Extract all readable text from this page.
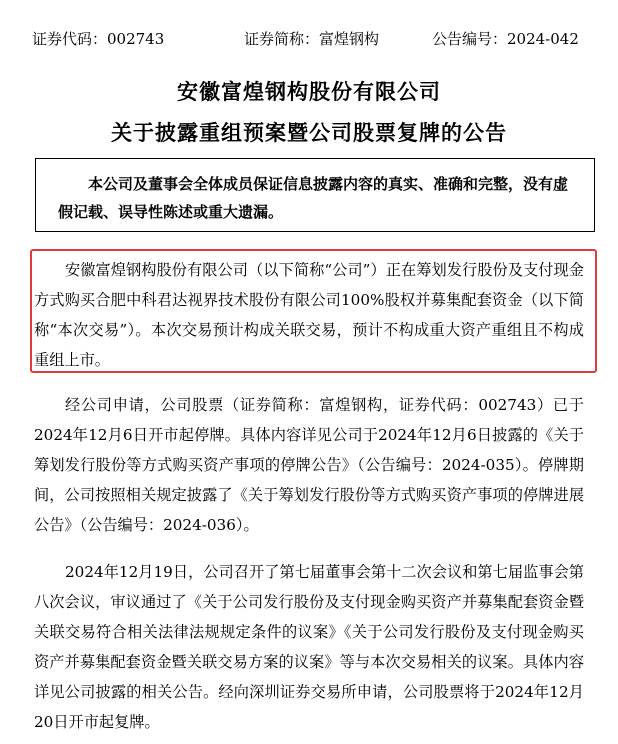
证券代码：002743	证券简称：富煌钢构	公告编号：2024-042
安徽富煌钢构股份有限公司
关于披露重组预案暨公司股票复牌的公告

本公司及董事会全体成员保证信息披露内容的真实、准确和完整，没有虚假记载、误导性陈述或重大遗漏。

安徽富煌钢构股份有限公司（以下简称“公司”）正在筹划发行股份及支付现金方式购买合肥中科君达视界技术股份有限公司100%股权并募集配套资金（以下简称“本次交易”）。本次交易预计构成关联交易，预计不构成重大资产重组且不构成重组上市。

经公司申请，公司股票（证券简称：富煌钢构，证券代码：002743）已于2024年12月6日开市起停牌。具体内容详见公司于2024年12月6日披露的《关于筹划发行股份等方式购买资产事项的停牌公告》（公告编号：2024-035）。停牌期间，公司按照相关规定披露了《关于筹划发行股份等方式购买资产事项的停牌进展公告》（公告编号：2024-036）。

2024年12月19日，公司召开了第七届董事会第十二次会议和第七届监事会第八次会议，审议通过了《关于公司发行股份及支付现金购买资产并募集配套资金暨关联交易符合相关法律法规规定条件的议案》《关于公司发行股份及支付现金购买资产并募集配套资金暨关联交易方案的议案》等与本次交易相关的议案。具体内容详见公司披露的相关公告。经向深圳证券交易所申请，公司股票将于2024年12月20日开市起复牌。
